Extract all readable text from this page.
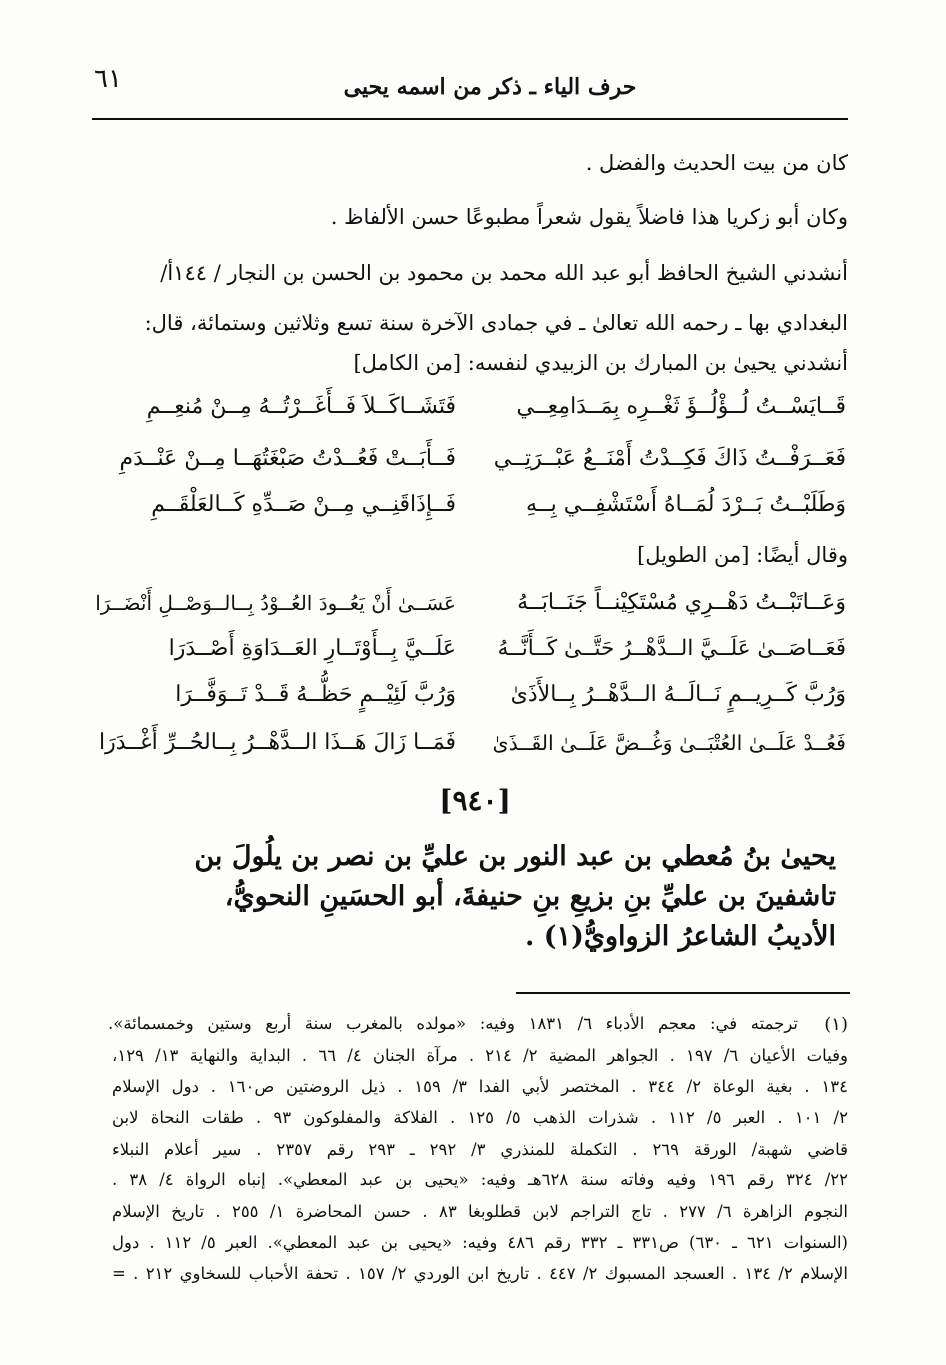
حرف الياء ـ ذكر من اسمه يحيى
٦١
كان من بيت الحديث والفضل .
وكان أبو زكريا هذا فاضلاً يقول شعراً مطبوعًا حسن الألفاظ .
أنشدني الشيخ الحافظ أبو عبد الله محمد بن محمود بن الحسن بن النجار / ١٤٤أ/
البغدادي بها ـ رحمه الله تعالىٰ ـ في جمادى الآخرة سنة تسع وثلاثين وستمائة، قال:
أنشدني يحيىٰ بن المبارك بن الزبيدي لنفسه: [من الكامل]
قَــايَسْــتُ لُــؤْلُــؤَ ثَغْــرِه بِمَــدَامِعِــي
فَتَشَــاكَــلاَ فَــأَغَــرْتُــهُ مِــنْ مُنعِــمِ
فَعَــرَفْــتُ ذَاكَ فَكِــدْتُ أَمْنَــعُ عَبْــرَتِــي
فَــأَبَــتْ فَعُــدْتُ صَبْغَتُهَــا مِــنْ عَنْــدَمِ
وَطَلَبْــتُ بَــرْدَ لُمَــاهُ أَسْتَشْفِــي بِــهِ
فَــإِذَاقَنِــي مِــنْ صَــدِّهِ كَــالعَلْقَــمِ
وقال أيضًا: [من الطويل]
وَعَــاتَبْــتُ دَهْــرِي مُسْتَكِيْنــاً جَنَــابَــهُ
عَسَــىٰ أَنْ يَعُــودَ العُــوْدُ بِــالــوَصْــلِ أَنْضَــرَا
فَعَــاصَــىٰ عَلَــيَّ الــدَّهْــرُ حَتَّــىٰ كَــأَنَّــهُ
عَلَــيَّ بِــأَوْتَــارِ العَــدَاوَةِ أَصْــدَرَا
وَرُبَّ كَــرِيــمٍ نَــالَــهُ الــدَّهْــرُ بِــالأَذَىٰ
وَرُبَّ لَئِيْــمٍ حَظُّــهُ قَــدْ تَــوَفَّــرَا
فَعُــدْ عَلَــىٰ العُتْبَــىٰ وَغُــضَّ عَلَــىٰ القَــذَىٰ
فَمَــا زَالَ هَــذَا الــدَّهْــرُ بِــالحُــرِّ أَغْــدَرَا
[٩٤٠]
يحيىٰ بنُ مُعطي بن عبد النور بن عليِّ بن نصر بن يلُولَ بن
تاشفينَ بن عليِّ بنِ بزيعِ بنِ حنيفةَ، أبو الحسَينِ النحويُّ،
الأديبُ الشاعرُ الزواويُّ(١) .
(١)
ترجمته في: معجم الأدباء ٦/ ١٨٣١ وفيه: «مولده بالمغرب سنة أربع وستين وخمسمائة».
وفيات الأعيان ٦/ ١٩٧ . الجواهر المضية ٢/ ٢١٤ . مرآة الجنان ٤/ ٦٦ . البداية والنهاية ١٣/ ١٢٩،
١٣٤ . بغية الوعاة ٢/ ٣٤٤ . المختصر لأبي الفدا ٣/ ١٥٩ . ذيل الروضتين ص١٦٠ . دول الإسلام
٢/ ١٠١ . العبر ٥/ ١١٢ . شذرات الذهب ٥/ ١٢٥ . الفلاكة والمفلوكون ٩٣ . طقات النحاة لابن
قاضي شهبة/ الورقة ٢٦٩ . التكملة للمنذري ٣/ ٢٩٢ ـ ٢٩٣ رقم ٢٣٥٧ . سير أعلام النبلاء
٢٢/ ٣٢٤ رقم ١٩٦ وفيه وفاته سنة ٦٢٨هـ وفيه: «يحيى بن عبد المعطي». إنباه الرواة ٤/ ٣٨ .
النجوم الزاهرة ٦/ ٢٧٧ . تاج التراجم لابن قطلوبغا ٨٣ . حسن المحاضرة ١/ ٢٥٥ . تاريخ الإسلام
(السنوات ٦٢١ ـ ٦٣٠) ص٣٣١ ـ ٣٣٢ رقم ٤٨٦ وفيه: «يحيى بن عبد المعطي». العبر ٥/ ١١٢ . دول
الإسلام ٢/ ١٣٤ . العسجد المسبوك ٢/ ٤٤٧ . تاريخ ابن الوردي ٢/ ١٥٧ . تحفة الأحباب للسخاوي ٢١٢ . =
